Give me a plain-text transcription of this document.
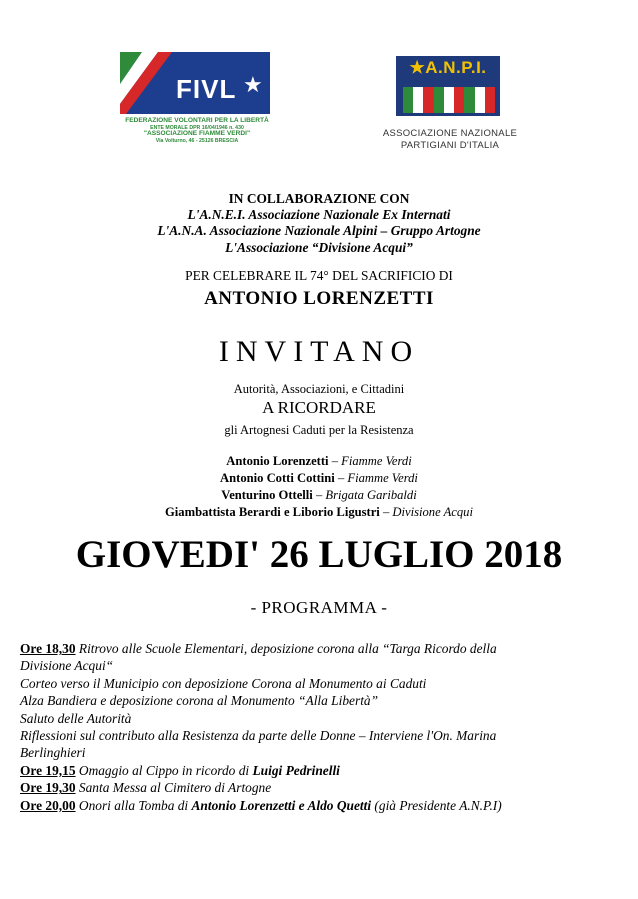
FIVL ★
FEDERAZIONE VOLONTARI PER LA LIBERTÀ
ENTE MORALE DPR 16/04/1946 n. 430
"ASSOCIAZIONE FIAMME VERDI"
Via Volturno, 46 - 25126 BRESCIA
★A.N.P.I.
ASSOCIAZIONE NAZIONALE
PARTIGIANI D'ITALIA
IN COLLABORAZIONE CON
L'A.N.E.I. Associazione Nazionale Ex Internati
L'A.N.A. Associazione Nazionale Alpini – Gruppo Artogne
L'Associazione “Divisione Acqui”
PER CELEBRARE IL 74° DEL SACRIFICIO DI
ANTONIO LORENZETTI
INVITANO
Autorità, Associazioni, e Cittadini
A RICORDARE
gli Artognesi Caduti per la Resistenza
Antonio Lorenzetti – Fiamme Verdi
Antonio Cotti Cottini – Fiamme Verdi
Venturino Ottelli – Brigata Garibaldi
Giambattista Berardi e Liborio Ligustri – Divisione Acqui
GIOVEDI' 26 LUGLIO 2018
- PROGRAMMA -
Ore 18,30 Ritrovo alle Scuole Elementari, deposizione corona alla “Targa Ricordo della
Divisione Acqui“
Corteo verso il Municipio con deposizione Corona al Monumento ai Caduti
Alza Bandiera e deposizione corona al Monumento “Alla Libertà”
Saluto delle Autorità
Riflessioni sul contributo alla Resistenza da parte delle Donne – Interviene l'On. Marina
Berlinghieri
Ore 19,15 Omaggio al Cippo in ricordo di Luigi Pedrinelli
Ore 19,30 Santa Messa al Cimitero di Artogne
Ore 20,00 Onori alla Tomba di Antonio Lorenzetti e Aldo Quetti (già Presidente A.N.P.I)
